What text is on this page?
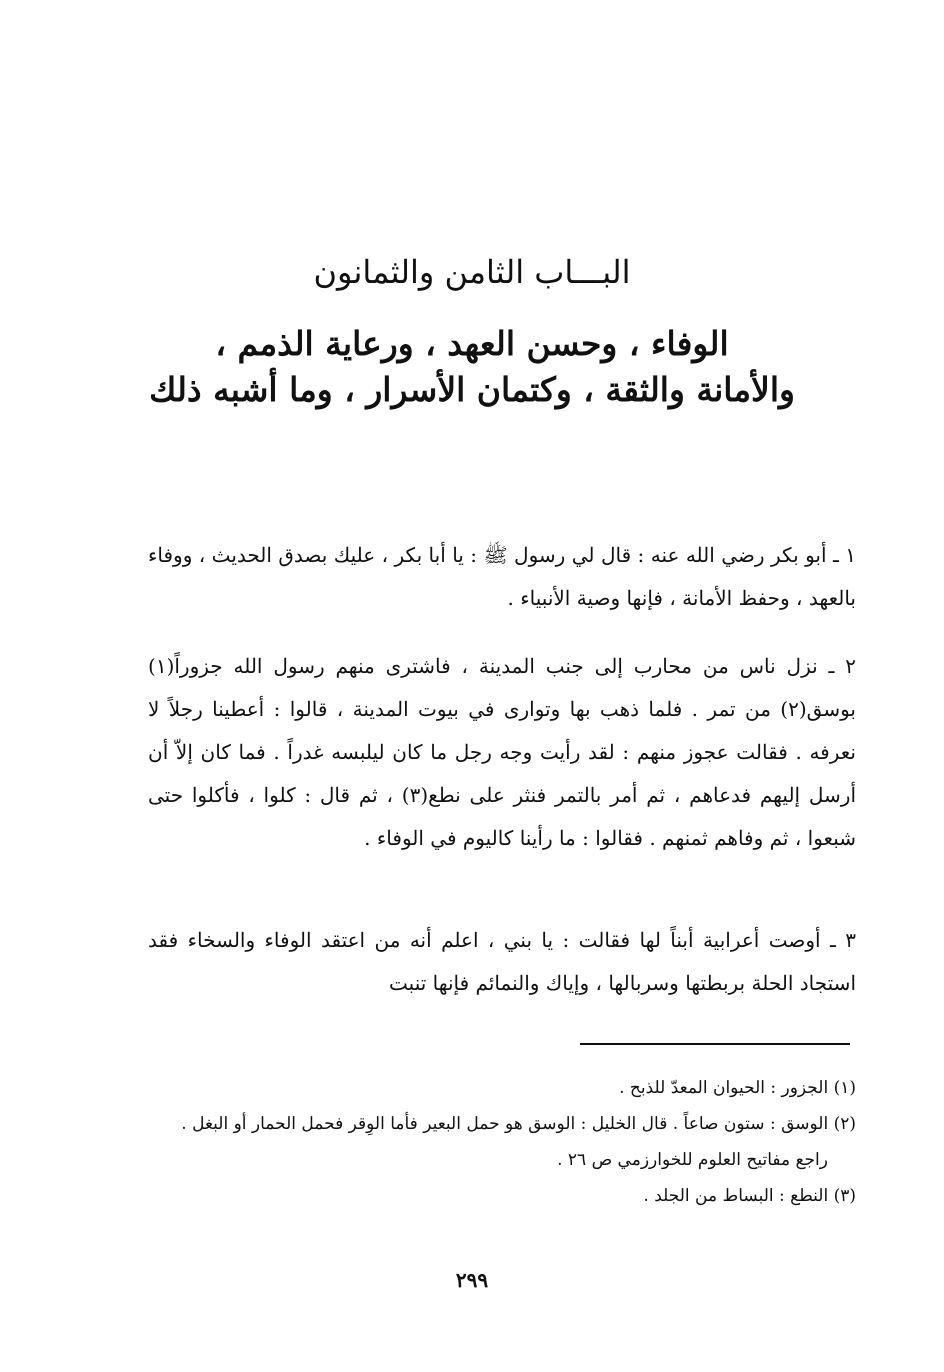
البـــاب الثامن والثمانون
الوفاء ، وحسن العهد ، ورعاية الذمم ،
والأمانة والثقة ، وكتمان الأسرار ، وما أشبه ذلك

١ ـ أبو بكر رضي الله عنه : قال لي رسول ﷺ : يا أبا بكر ، عليك بصدق الحديث ، ووفاء بالعهد ، وحفظ الأمانة ، فإنها وصية الأنبياء .

٢ ـ نزل ناس من محارب إلى جنب المدينة ، فاشترى منهم رسول الله جزوراً(١) بوسق(٢) من تمر . فلما ذهب بها وتوارى في بيوت المدينة ، قالوا : أعطينا رجلاً لا نعرفه . فقالت عجوز منهم : لقد رأيت وجه رجل ما كان ليلبسه غدراً . فما كان إلاّ أن أرسل إليهم فدعاهم ، ثم أمر بالتمر فنثر على نطع(٣) ، ثم قال : كلوا ، فأكلوا حتى شبعوا ، ثم وفاهم ثمنهم . فقالوا : ما رأينا كاليوم في الوفاء .

٣ ـ أوصت أعرابية أبناً لها فقالت : يا بني ، اعلم أنه من اعتقد الوفاء والسخاء فقد استجاد الحلة بربطتها وسربالها ، وإياك والنمائم فإنها تنبت

(١) الجزور : الحيوان المعدّ للذبح .

(٢) الوسق : ستون صاعاً . قال الخليل : الوسق هو حمل البعير فأما الوِقر فحمل الحمار أو البغل .

راجع مفاتيح العلوم للخوارزمي ص ٢٦ .

(٣) النطع : البساط من الجلد .

٢٩٩
